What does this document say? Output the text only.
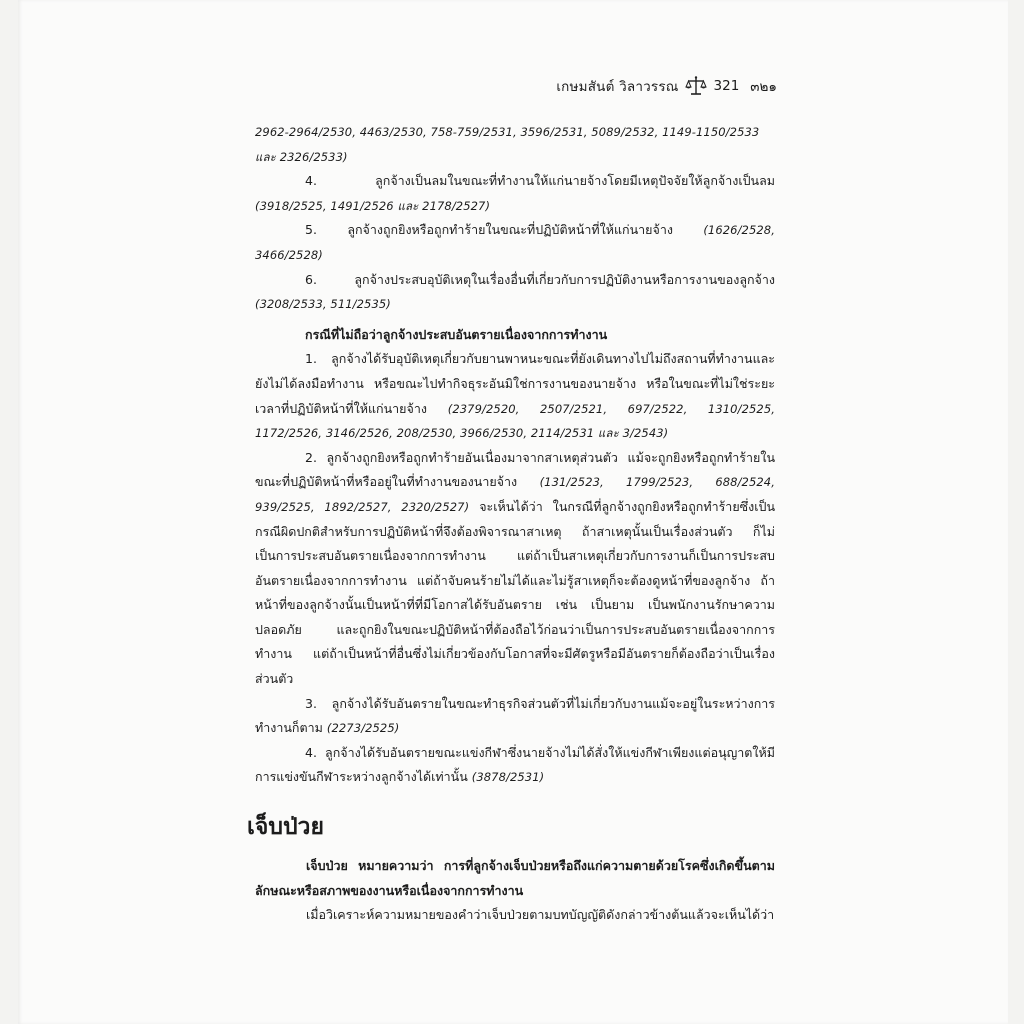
เกษมสันต์ วิลาวรรณ	321 ๓๒๑

2962-2964/2530, 4463/2530, 758-759/2531, 3596/2531, 5089/2532, 1149-1150/2533 และ 2326/2533)

4. ลูกจ้างเป็นลมในขณะที่ทำงานให้แก่นายจ้างโดยมีเหตุปัจจัยให้ลูกจ้างเป็นลม (3918/2525, 1491/2526 และ 2178/2527)

5. ลูกจ้างถูกยิงหรือถูกทำร้ายในขณะที่ปฏิบัติหน้าที่ให้แก่นายจ้าง	(1626/2528, 3466/2528)

6. ลูกจ้างประสบอุบัติเหตุในเรื่องอื่นที่เกี่ยวกับการปฏิบัติงานหรือการงานของลูกจ้าง (3208/2533, 511/2535)

กรณีที่ไม่ถือว่าลูกจ้างประสบอันตรายเนื่องจากการทำงาน

1. ลูกจ้างได้รับอุบัติเหตุเกี่ยวกับยานพาหนะขณะที่ยังเดินทางไปไม่ถึงสถานที่ทำงานและยังไม่ได้ลงมือทำงาน หรือขณะไปทำกิจธุระอันมิใช่การงานของนายจ้าง หรือในขณะที่ไม่ใช่ระยะเวลาที่ปฏิบัติหน้าที่ให้แก่นายจ้าง (2379/2520, 2507/2521, 697/2522, 1310/2525, 1172/2526, 3146/2526, 208/2530, 3966/2530, 2114/2531 และ 3/2543)

2. ลูกจ้างถูกยิงหรือถูกทำร้ายอันเนื่องมาจากสาเหตุส่วนตัว แม้จะถูกยิงหรือถูกทำร้ายในขณะที่ปฏิบัติหน้าที่หรืออยู่ในที่ทำงานของนายจ้าง (131/2523, 1799/2523, 688/2524, 939/2525, 1892/2527, 2320/2527) จะเห็นได้ว่า ในกรณีที่ลูกจ้างถูกยิงหรือถูกทำร้ายซึ่งเป็นกรณีผิดปกติสำหรับการปฏิบัติหน้าที่จึงต้องพิจารณาสาเหตุ ถ้าสาเหตุนั้นเป็นเรื่องส่วนตัว ก็ไม่เป็นการประสบอันตรายเนื่องจากการทำงาน แต่ถ้าเป็นสาเหตุเกี่ยวกับการงานก็เป็นการประสบอันตรายเนื่องจากการทำงาน แต่ถ้าจับคนร้ายไม่ได้และไม่รู้สาเหตุก็จะต้องดูหน้าที่ของลูกจ้าง ถ้าหน้าที่ของลูกจ้างนั้นเป็นหน้าที่ที่มีโอกาสได้รับอันตราย เช่น เป็นยาม เป็นพนักงานรักษาความปลอดภัย และถูกยิงในขณะปฏิบัติหน้าที่ต้องถือไว้ก่อนว่าเป็นการประสบอันตรายเนื่องจากการทำงาน แต่ถ้าเป็นหน้าที่อื่นซึ่งไม่เกี่ยวข้องกับโอกาสที่จะมีศัตรูหรือมีอันตรายก็ต้องถือว่าเป็นเรื่องส่วนตัว

3. ลูกจ้างได้รับอันตรายในขณะทำธุรกิจส่วนตัวที่ไม่เกี่ยวกับงานแม้จะอยู่ในระหว่างการทำงานก็ตาม (2273/2525)

4. ลูกจ้างได้รับอันตรายขณะแข่งกีฬาซึ่งนายจ้างไม่ได้สั่งให้แข่งกีฬาเพียงแต่อนุญาตให้มีการแข่งขันกีฬาระหว่างลูกจ้างได้เท่านั้น (3878/2531)

เจ็บป่วย

เจ็บป่วย หมายความว่า การที่ลูกจ้างเจ็บป่วยหรือถึงแก่ความตายด้วยโรคซึ่งเกิดขึ้นตามลักษณะหรือสภาพของงานหรือเนื่องจากการทำงาน

เมื่อวิเคราะห์ความหมายของคำว่าเจ็บป่วยตามบทบัญญัติดังกล่าวข้างต้นแล้วจะเห็นได้ว่า
